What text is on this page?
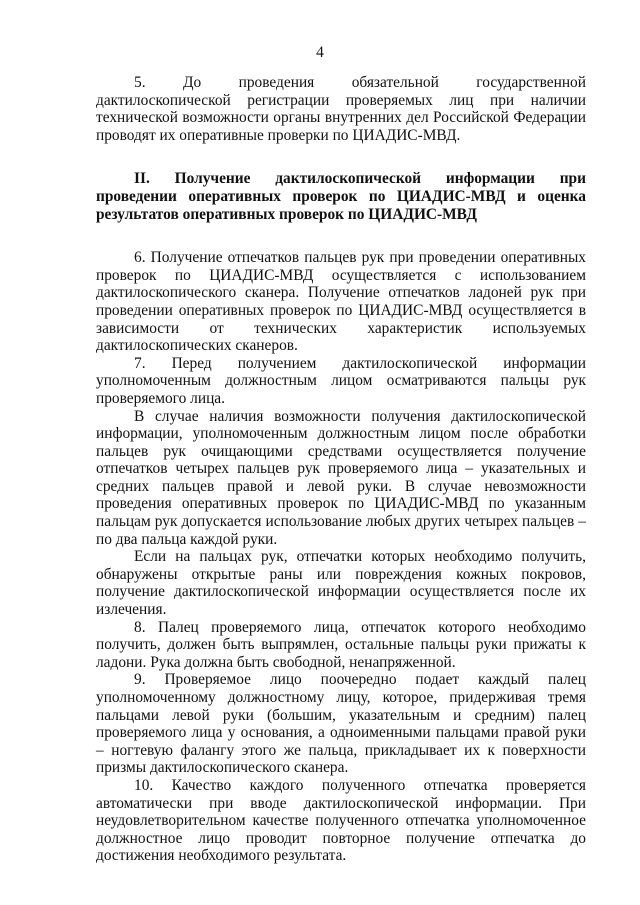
4

5. До проведения обязательной государственной дактилоскопической регистрации проверяемых лиц при наличии технической возможности органы внутренних дел Российской Федерации проводят их оперативные проверки по ЦИАДИС-МВД.

II. Получение дактилоскопической информации при проведении оперативных проверок по ЦИАДИС-МВД и оценка результатов оперативных проверок по ЦИАДИС-МВД

6. Получение отпечатков пальцев рук при проведении оперативных проверок по ЦИАДИС-МВД осуществляется с использованием дактилоскопического сканера. Получение отпечатков ладоней рук при проведении оперативных проверок по ЦИАДИС-МВД осуществляется в зависимости от технических характеристик используемых дактилоскопических сканеров.

7. Перед получением дактилоскопической информации уполномоченным должностным лицом осматриваются пальцы рук проверяемого лица.

В случае наличия возможности получения дактилоскопической информации, уполномоченным должностным лицом после обработки пальцев рук очищающими средствами осуществляется получение отпечатков четырех пальцев рук проверяемого лица – указательных и средних пальцев правой и левой руки. В случае невозможности проведения оперативных проверок по ЦИАДИС-МВД по указанным пальцам рук допускается использование любых других четырех пальцев – по два пальца каждой руки.

Если на пальцах рук, отпечатки которых необходимо получить, обнаружены открытые раны или повреждения кожных покровов, получение дактилоскопической информации осуществляется после их излечения.

8. Палец проверяемого лица, отпечаток которого необходимо получить, должен быть выпрямлен, остальные пальцы руки прижаты к ладони. Рука должна быть свободной, ненапряженной.

9. Проверяемое лицо поочередно подает каждый палец уполномоченному должностному лицу, которое, придерживая тремя пальцами левой руки (большим, указательным и средним) палец проверяемого лица у основания, а одноименными пальцами правой руки – ногтевую фалангу этого же пальца, прикладывает их к поверхности призмы дактилоскопического сканера.

10. Качество каждого полученного отпечатка проверяется автоматически при вводе дактилоскопической информации. При неудовлетворительном качестве полученного отпечатка уполномоченное должностное лицо проводит повторное получение отпечатка до достижения необходимого результата.
